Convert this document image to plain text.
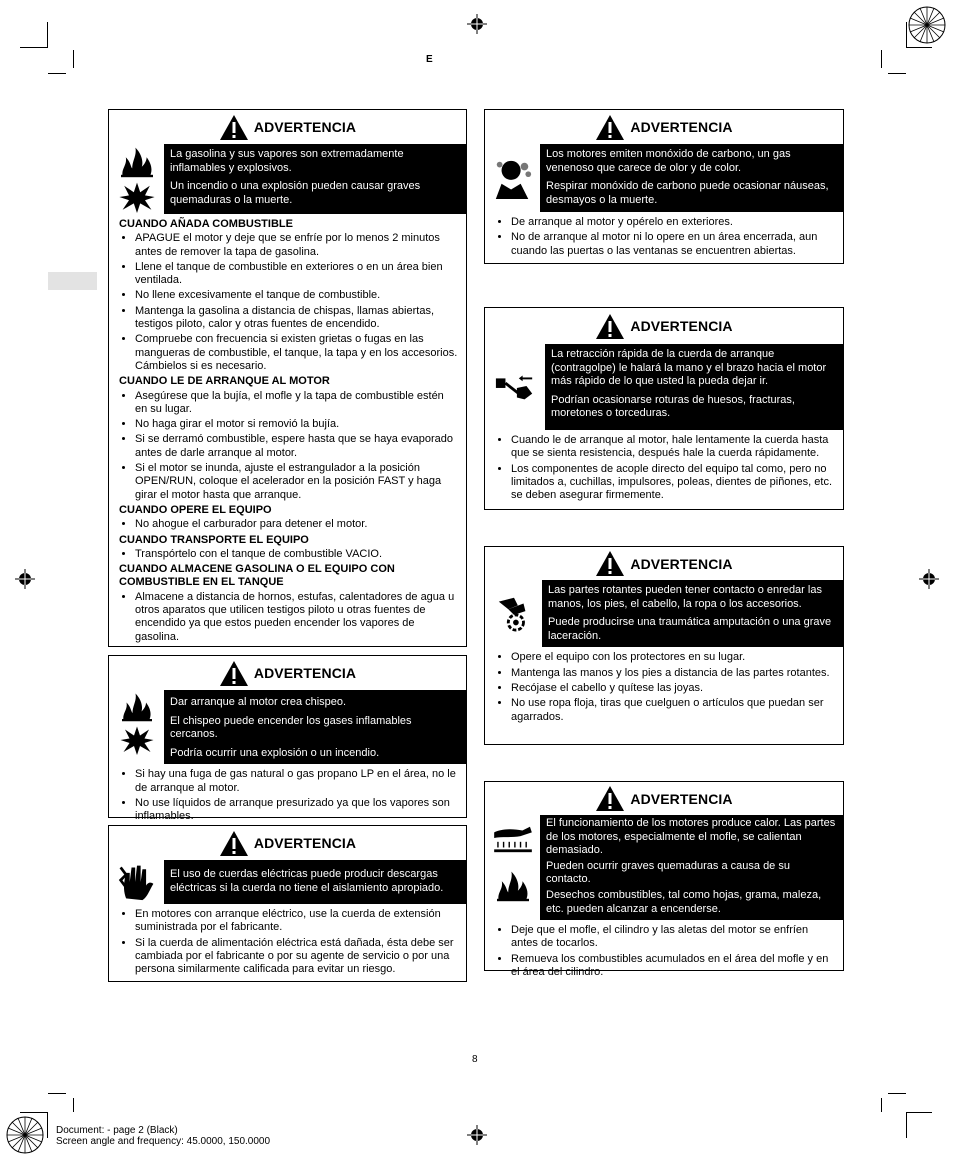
E
ADVERTENCIA

La gasolina y sus vapores son extremadamente inflamables y explosivos.

Un incendio o una explosión pueden causar graves quemaduras o la muerte.

CUANDO AÑADA COMBUSTIBLE
• APAGUE el motor y deje que se enfríe por lo menos 2 minutos antes de remover la tapa de gasolina.
• Llene el tanque de combustible en exteriores o en un área bien ventilada.
• No llene excesivamente el tanque de combustible.
• Mantenga la gasolina a distancia de chispas, llamas abiertas, testigos piloto, calor y otras fuentes de encendido.
• Compruebe con frecuencia si existen grietas o fugas en las mangueras de combustible, el tanque, la tapa y en los accesorios. Cámbielos si es necesario.
CUANDO LE DE ARRANQUE AL MOTOR
• Asegúrese que la bujía, el mofle y la tapa de combustible estén en su lugar.
• No haga girar el motor si removió la bujía.
• Si se derramó combustible, espere hasta que se haya evaporado antes de darle arranque al motor.
• Si el motor se inunda, ajuste el estrangulador a la posición OPEN/RUN, coloque el acelerador en la posición FAST y haga girar el motor hasta que arranque.
CUANDO OPERE EL EQUIPO
• No ahogue el carburador para detener el motor.
CUANDO TRANSPORTE EL EQUIPO
• Transpórtelo con el tanque de combustible VACIO.
CUANDO ALMACENE GASOLINA O EL EQUIPO CON COMBUSTIBLE EN EL TANQUE
• Almacene a distancia de hornos, estufas, calentadores de agua u otros aparatos que utilicen testigos piloto u otras fuentes de encendido ya que estos pueden encender los vapores de gasolina.
ADVERTENCIA

Dar arranque al motor crea chispeo.

El chispeo puede encender los gases inflamables cercanos.

Podría ocurrir una explosión o un incendio.

• Si hay una fuga de gas natural o gas propano LP en el área, no le de arranque al motor.
• No use líquidos de arranque presurizado ya que los vapores son inflamables.
ADVERTENCIA

El uso de cuerdas eléctricas puede producir descargas eléctricas si la cuerda no tiene el aislamiento apropiado.

• En motores con arranque eléctrico, use la cuerda de extensión suministrada por el fabricante.
• Si la cuerda de alimentación eléctrica está dañada, ésta debe ser cambiada por el fabricante o por su agente de servicio o por una persona similarmente calificada para evitar un riesgo.
ADVERTENCIA

Los motores emiten monóxido de carbono, un gas venenoso que carece de olor y de color.

Respirar monóxido de carbono puede ocasionar náuseas, desmayos o la muerte.

• De arranque al motor y opérelo en exteriores.
• No de arranque al motor ni lo opere en un área encerrada, aun cuando las puertas o las ventanas se encuentren abiertas.
ADVERTENCIA

La retracción rápida de la cuerda de arranque (contragolpe) le halará la mano y el brazo hacia el motor más rápido de lo que usted la pueda dejar ir.

Podrían ocasionarse roturas de huesos, fracturas, moretones o torceduras.

• Cuando le de arranque al motor, hale lentamente la cuerda hasta que se sienta resistencia, después hale la cuerda rápidamente.
• Los componentes de acople directo del equipo tal como, pero no limitados a, cuchillas, impulsores, poleas, dientes de piñones, etc. se deben asegurar firmemente.
ADVERTENCIA

Las partes rotantes pueden tener contacto o enredar las manos, los pies, el cabello, la ropa o los accesorios.

Puede producirse una traumática amputación o una grave laceración.

• Opere el equipo con los protectores en su lugar.
• Mantenga las manos y los pies a distancia de las partes rotantes.
• Recójase el cabello y quítese las joyas.
• No use ropa floja, tiras que cuelguen o artículos que puedan ser agarrados.
ADVERTENCIA

El funcionamiento de los motores produce calor. Las partes de los motores, especialmente el mofle, se calientan demasiado.

Pueden ocurrir graves quemaduras a causa de su contacto.

Desechos combustibles, tal como hojas, grama, maleza, etc. pueden alcanzar a encenderse.

• Deje que el mofle, el cilindro y las aletas del motor se enfríen antes de tocarlos.
• Remueva los combustibles acumulados en el área del mofle y en el área del cilindro.
8
Document: - page 2 (Black)
Screen angle and frequency: 45.0000, 150.0000
